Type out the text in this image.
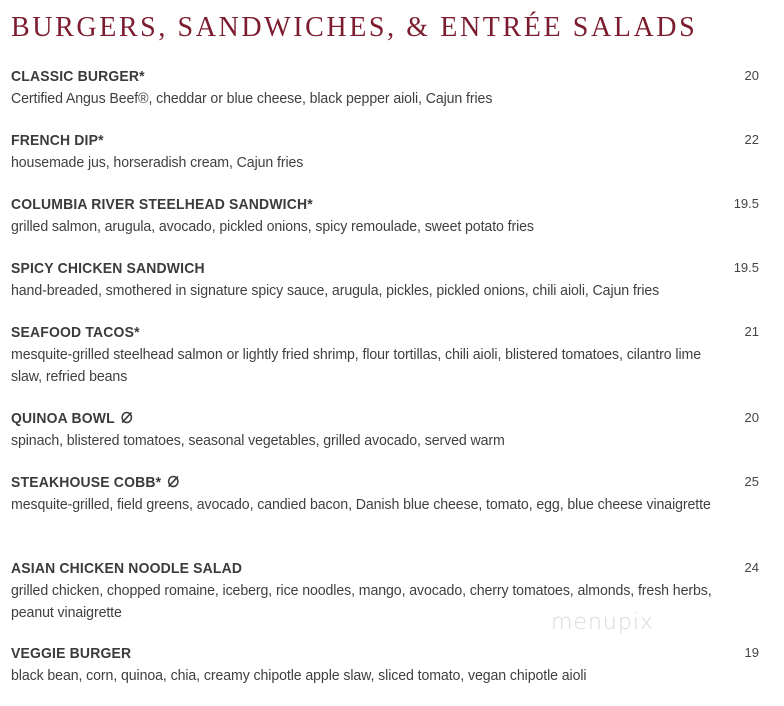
BURGERS, SANDWICHES, & ENTRÉE SALADS
CLASSIC BURGER*	20
Certified Angus Beef®, cheddar or blue cheese, black pepper aioli, Cajun fries
FRENCH DIP*	22
housemade jus, horseradish cream, Cajun fries
COLUMBIA RIVER STEELHEAD SANDWICH*	19.5
grilled salmon, arugula, avocado, pickled onions, spicy remoulade, sweet potato fries
SPICY CHICKEN SANDWICH	19.5
hand-breaded, smothered in signature spicy sauce, arugula, pickles, pickled onions, chili aioli, Cajun fries
SEAFOOD TACOS*	21
mesquite-grilled steelhead salmon or lightly fried shrimp, flour tortillas, chili aioli, blistered tomatoes, cilantro lime slaw, refried beans
QUINOA BOWL	20
spinach, blistered tomatoes, seasonal vegetables, grilled avocado, served warm
STEAKHOUSE COBB*	25
mesquite-grilled, field greens, avocado, candied bacon, Danish blue cheese, tomato, egg, blue cheese vinaigrette
ASIAN CHICKEN NOODLE SALAD	24
grilled chicken, chopped romaine, iceberg, rice noodles, mango, avocado, cherry tomatoes, almonds, fresh herbs, peanut vinaigrette
VEGGIE BURGER	19
black bean, corn, quinoa, chia, creamy chipotle apple slaw, sliced tomato, vegan chipotle aioli
menupix
